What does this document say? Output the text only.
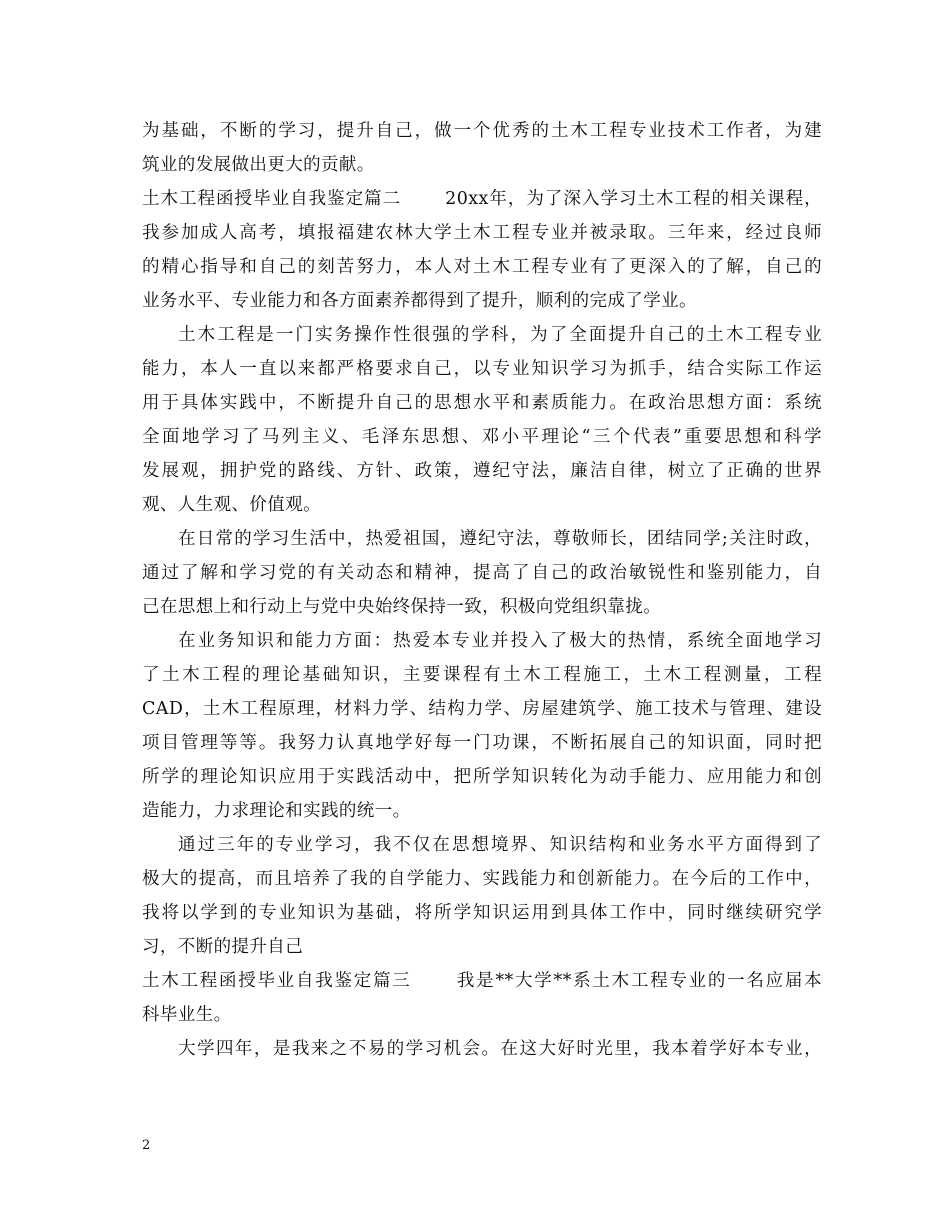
为基础，不断的学习，提升自己，做一个优秀的土木工程专业技术工作者，为建
筑业的发展做出更大的贡献。
土木工程函授毕业自我鉴定篇二	20xx年，为了深入学习土木工程的相关课程，
我参加成人高考，填报福建农林大学土木工程专业并被录取。三年来，经过良师
的精心指导和自己的刻苦努力，本人对土木工程专业有了更深入的了解，自己的
业务水平、专业能力和各方面素养都得到了提升，顺利的完成了学业。
土木工程是一门实务操作性很强的学科，为了全面提升自己的土木工程专业
能力，本人一直以来都严格要求自己，以专业知识学习为抓手，结合实际工作运
用于具体实践中，不断提升自己的思想水平和素质能力。在政治思想方面：系统
全面地学习了马列主义、毛泽东思想、邓小平理论“三个代表”重要思想和科学
发展观，拥护党的路线、方针、政策，遵纪守法，廉洁自律，树立了正确的世界
观、人生观、价值观。
在日常的学习生活中，热爱祖国，遵纪守法，尊敬师长，团结同学;关注时政，
通过了解和学习党的有关动态和精神，提高了自己的政治敏锐性和鉴别能力，自
己在思想上和行动上与党中央始终保持一致，积极向党组织靠拢。
在业务知识和能力方面：热爱本专业并投入了极大的热情，系统全面地学习
了土木工程的理论基础知识，主要课程有土木工程施工，土木工程测量，工程
CAD，土木工程原理，材料力学、结构力学、房屋建筑学、施工技术与管理、建设
项目管理等等。我努力认真地学好每一门功课，不断拓展自己的知识面，同时把
所学的理论知识应用于实践活动中，把所学知识转化为动手能力、应用能力和创
造能力，力求理论和实践的统一。
通过三年的专业学习，我不仅在思想境界、知识结构和业务水平方面得到了
极大的提高，而且培养了我的自学能力、实践能力和创新能力。在今后的工作中，
我将以学到的专业知识为基础，将所学知识运用到具体工作中，同时继续研究学
习，不断的提升自己
土木工程函授毕业自我鉴定篇三	我是**大学**系土木工程专业的一名应届本
科毕业生。
大学四年，是我来之不易的学习机会。在这大好时光里，我本着学好本专业，
2
